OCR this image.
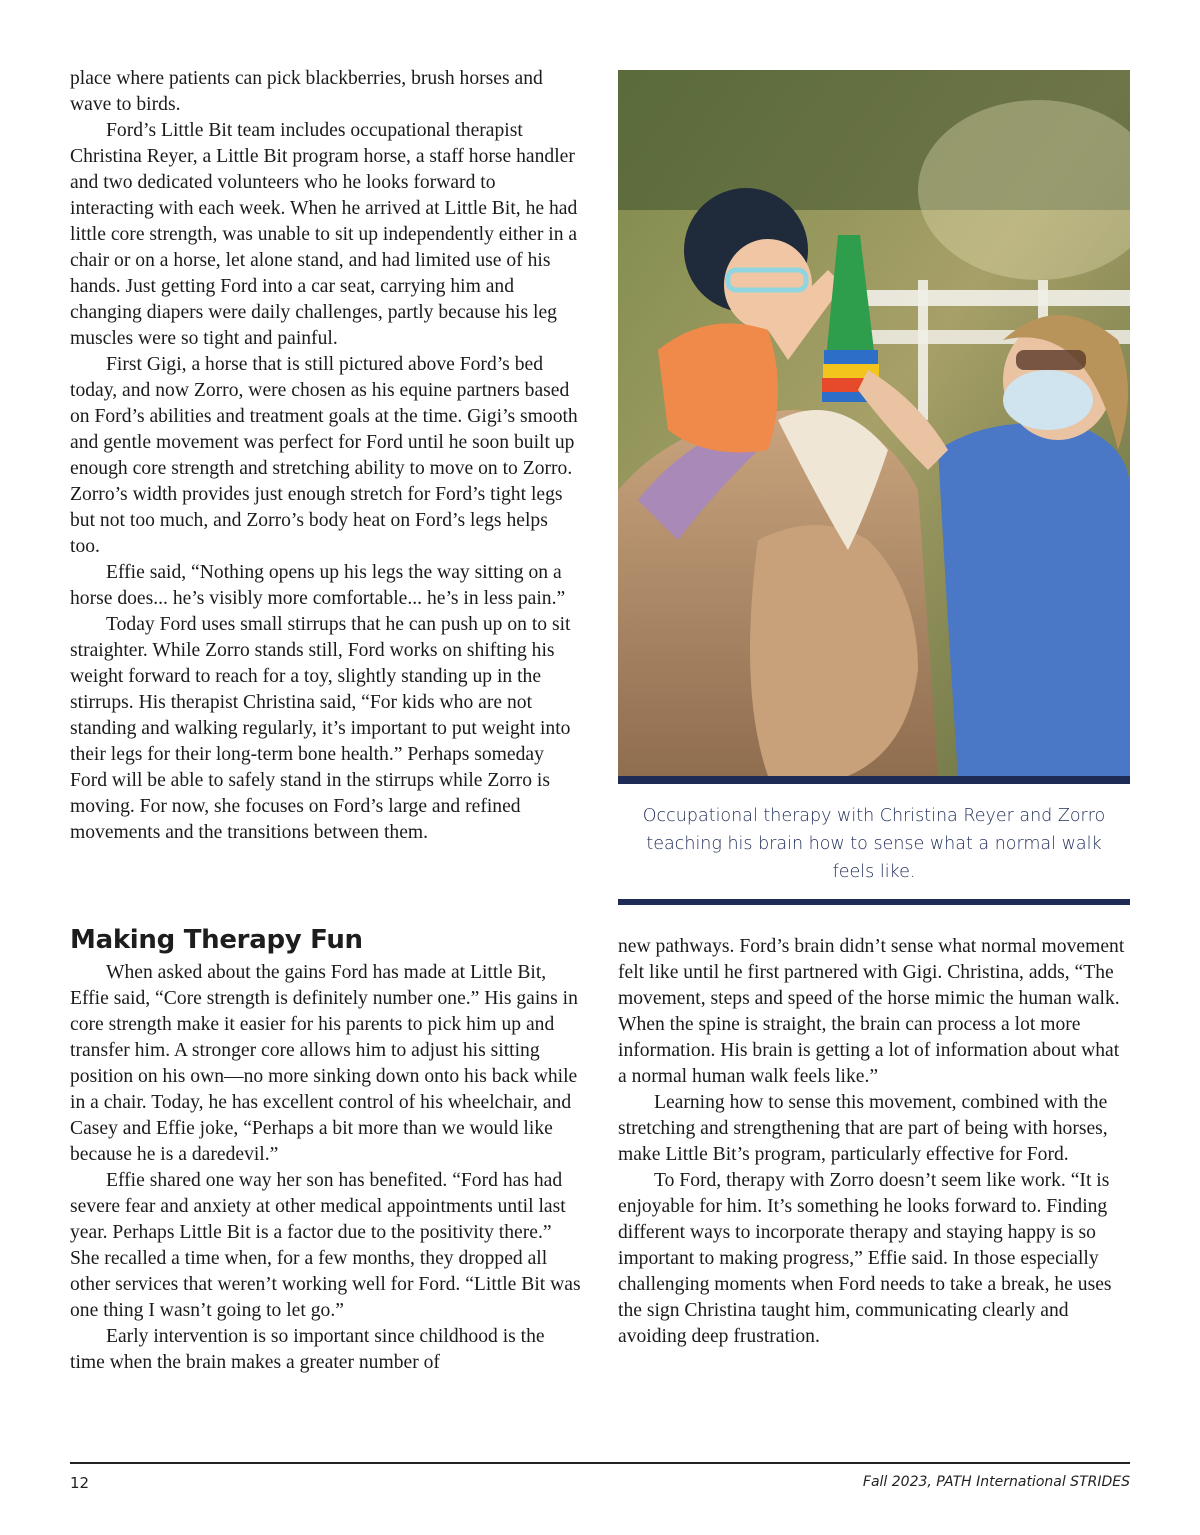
place where patients can pick blackberries, brush horses and wave to birds.

Ford’s Little Bit team includes occupational therapist Christina Reyer, a Little Bit program horse, a staff horse handler and two dedicated volunteers who he looks forward to interacting with each week. When he arrived at Little Bit, he had little core strength, was unable to sit up independently either in a chair or on a horse, let alone stand, and had limited use of his hands. Just getting Ford into a car seat, carrying him and changing diapers were daily challenges, partly because his leg muscles were so tight and painful.

First Gigi, a horse that is still pictured above Ford’s bed today, and now Zorro, were chosen as his equine partners based on Ford’s abilities and treatment goals at the time. Gigi’s smooth and gentle movement was perfect for Ford until he soon built up enough core strength and stretching ability to move on to Zorro. Zorro’s width provides just enough stretch for Ford’s tight legs but not too much, and Zorro’s body heat on Ford’s legs helps too.

Effie said, “Nothing opens up his legs the way sitting on a horse does... he’s visibly more comfortable... he’s in less pain.”

Today Ford uses small stirrups that he can push up on to sit straighter. While Zorro stands still, Ford works on shifting his weight forward to reach for a toy, slightly standing up in the stirrups. His therapist Christina said, “For kids who are not standing and walking regularly, it’s important to put weight into their legs for their long-term bone health.” Perhaps someday Ford will be able to safely stand in the stirrups while Zorro is moving. For now, she focuses on Ford’s large and refined movements and the transitions between them.

Making Therapy Fun

When asked about the gains Ford has made at Little Bit, Effie said, “Core strength is definitely number one.” His gains in core strength make it easier for his parents to pick him up and transfer him. A stronger core allows him to adjust his sitting position on his own—no more sinking down onto his back while in a chair. Today, he has excellent control of his wheelchair, and Casey and Effie joke, “Perhaps a bit more than we would like because he is a daredevil.”

Effie shared one way her son has benefited. “Ford has had severe fear and anxiety at other medical appointments until last year. Perhaps Little Bit is a factor due to the positivity there.” She recalled a time when, for a few months, they dropped all other services that weren’t working well for Ford. “Little Bit was one thing I wasn’t going to let go.”

Early intervention is so important since childhood is the time when the brain makes a greater number of

Occupational therapy with Christina Reyer and Zorro teaching his brain how to sense what a normal walk feels like.

new pathways. Ford’s brain didn’t sense what normal movement felt like until he first partnered with Gigi. Christina, adds, “The movement, steps and speed of the horse mimic the human walk. When the spine is straight, the brain can process a lot more information. His brain is getting a lot of information about what a normal human walk feels like.”

Learning how to sense this movement, combined with the stretching and strengthening that are part of being with horses, make Little Bit’s program, particularly effective for Ford.

To Ford, therapy with Zorro doesn’t seem like work. “It is enjoyable for him. It’s something he looks forward to. Finding different ways to incorporate therapy and staying happy is so important to making progress,” Effie said. In those especially challenging moments when Ford needs to take a break, he uses the sign Christina taught him, communicating clearly and avoiding deep frustration.

12	Fall 2023, PATH International STRIDES
